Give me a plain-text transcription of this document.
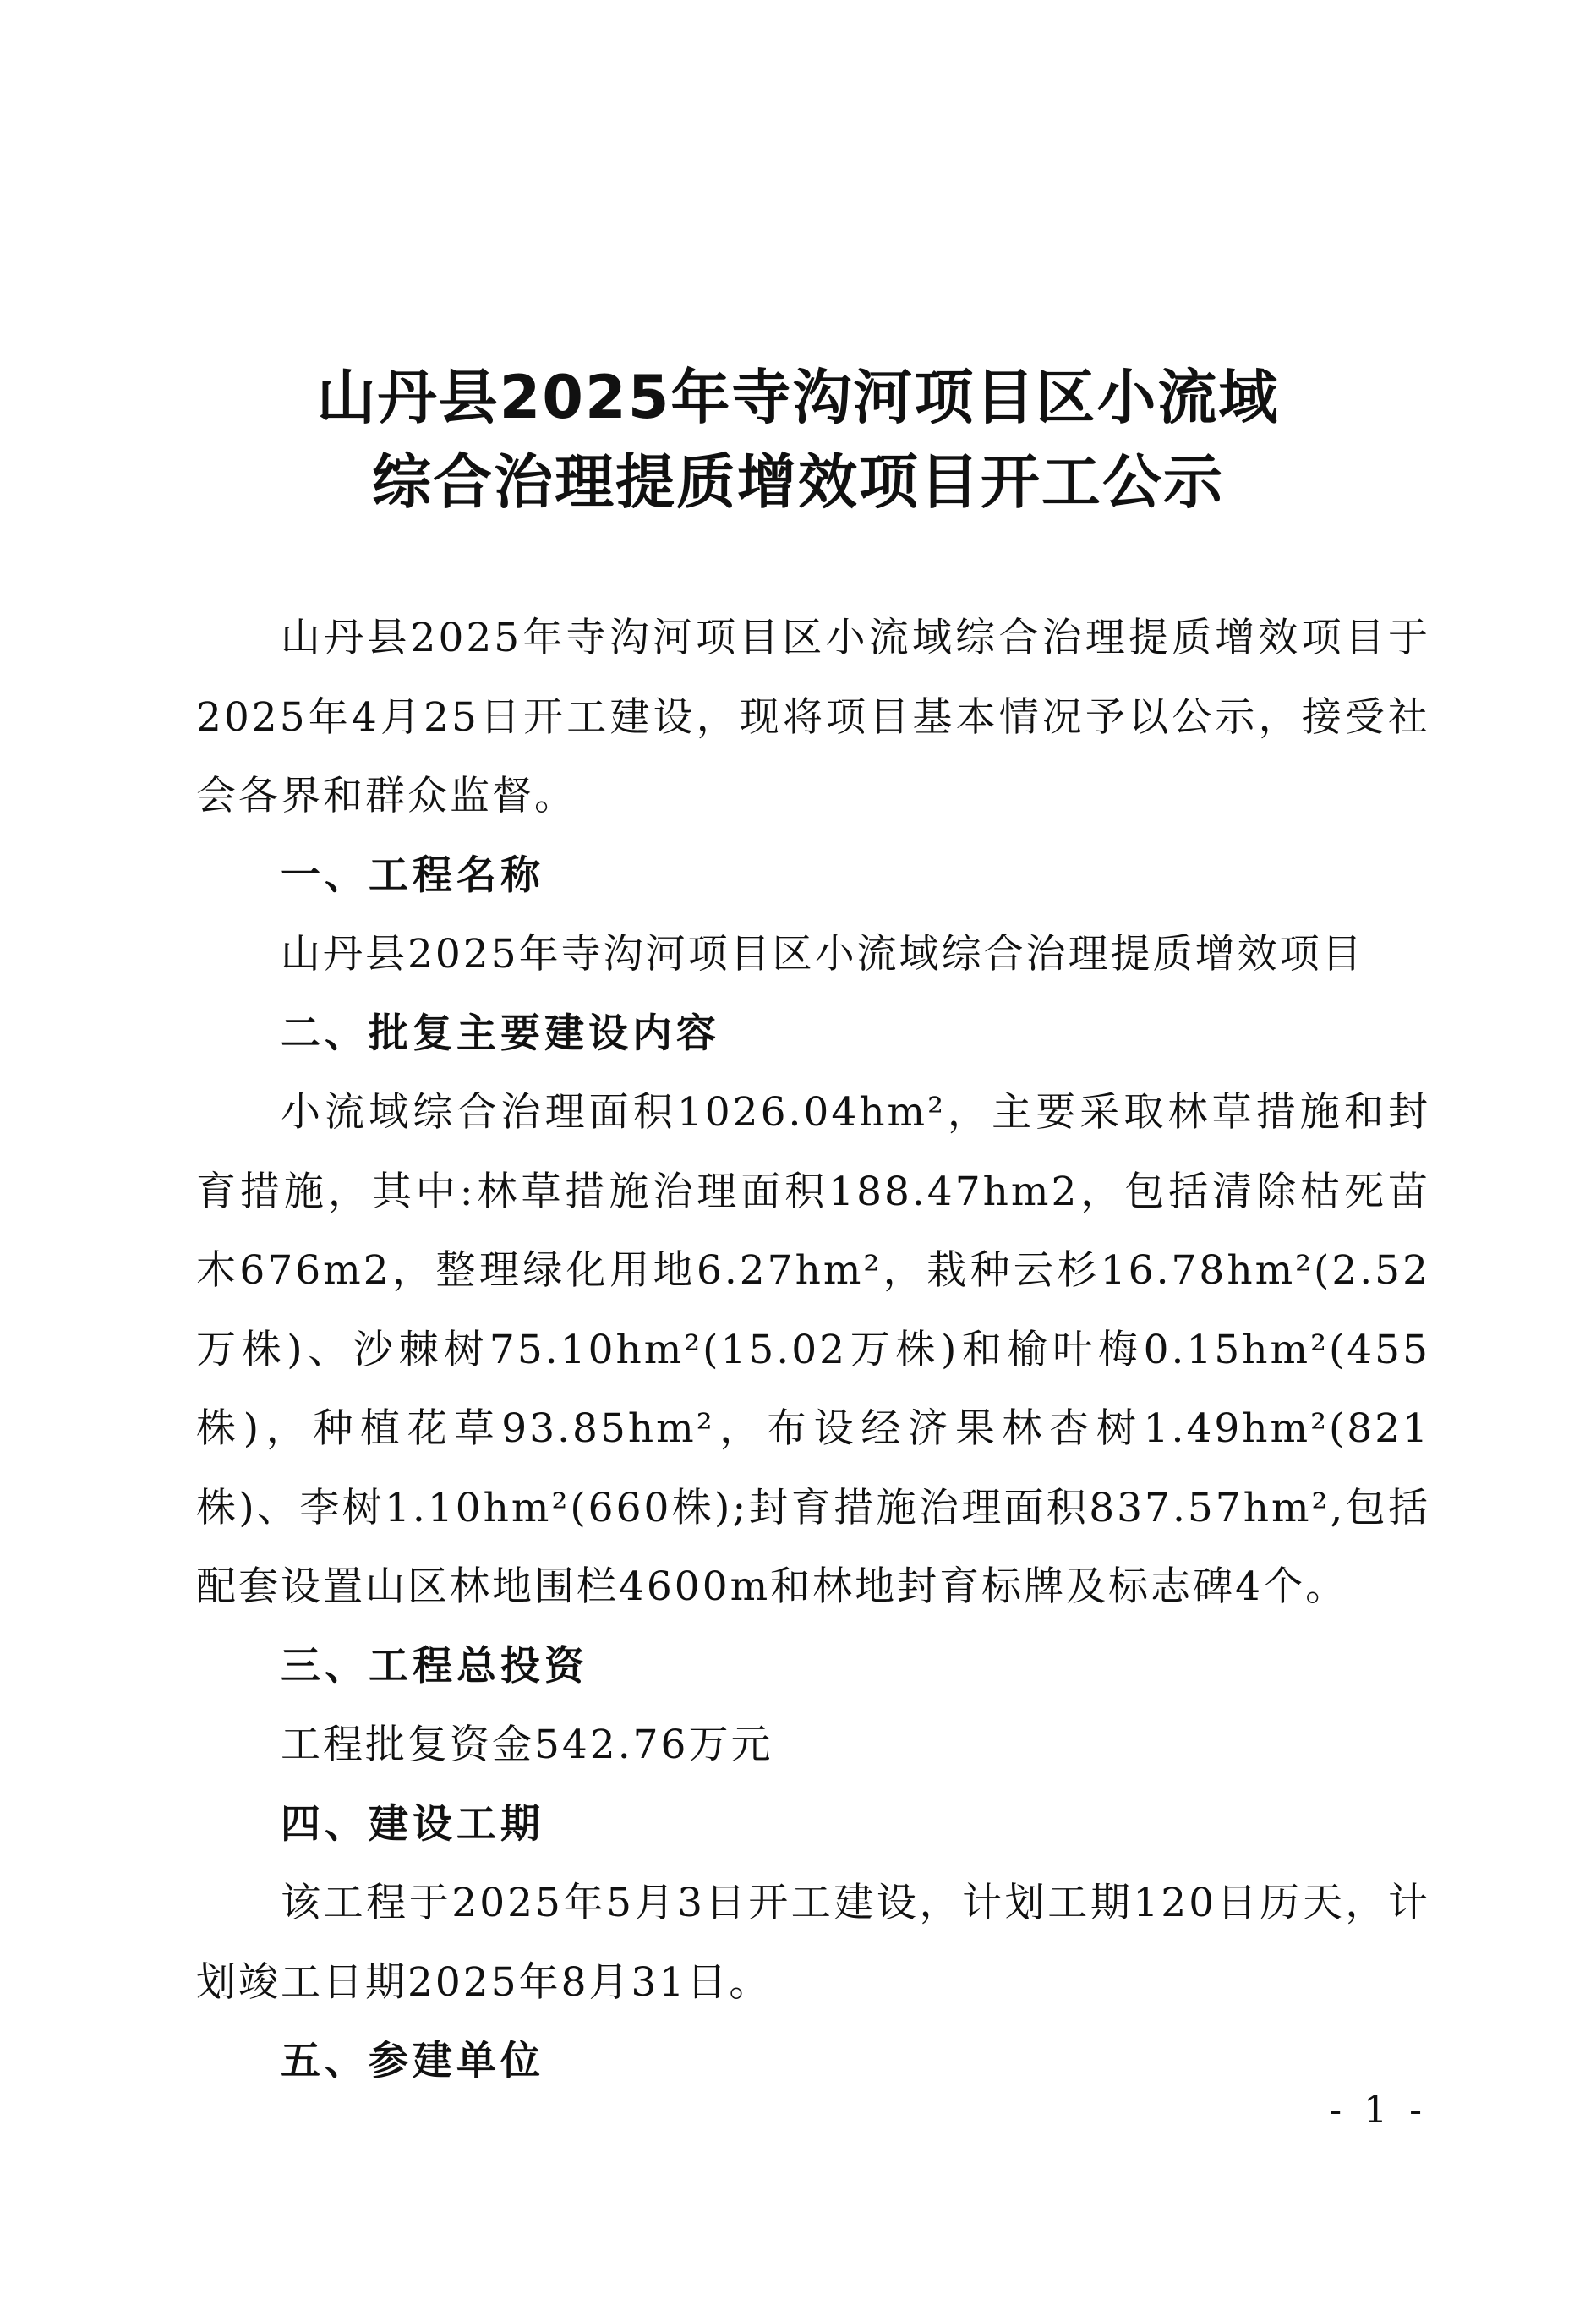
山丹县2025年寺沟河项目区小流域
综合治理提质增效项目开工公示

山丹县2025年寺沟河项目区小流域综合治理提质增效项目于2025年4月25日开工建设，现将项目基本情况予以公示，接受社会各界和群众监督。

一、工程名称

山丹县2025年寺沟河项目区小流域综合治理提质增效项目

二、批复主要建设内容

小流域综合治理面积1026.04hm²，主要采取林草措施和封育措施，其中:林草措施治理面积188.47hm2，包括清除枯死苗木676m2，整理绿化用地6.27hm²，栽种云杉16.78hm²(2.52 万株)、沙棘树75.10hm²(15.02万株)和榆叶梅0.15hm²(455株)，种植花草93.85hm²，布设经济果林杏树1.49hm²(821株)、李树1.10hm²(660株);封育措施治理面积837.57hm²,包括配套设置山区林地围栏4600m和林地封育标牌及标志碑4个。

三、工程总投资

工程批复资金542.76万元

四、建设工期

该工程于2025年5月3日开工建设，计划工期120日历天，计划竣工日期2025年8月31日。

五、参建单位

- 1 -
